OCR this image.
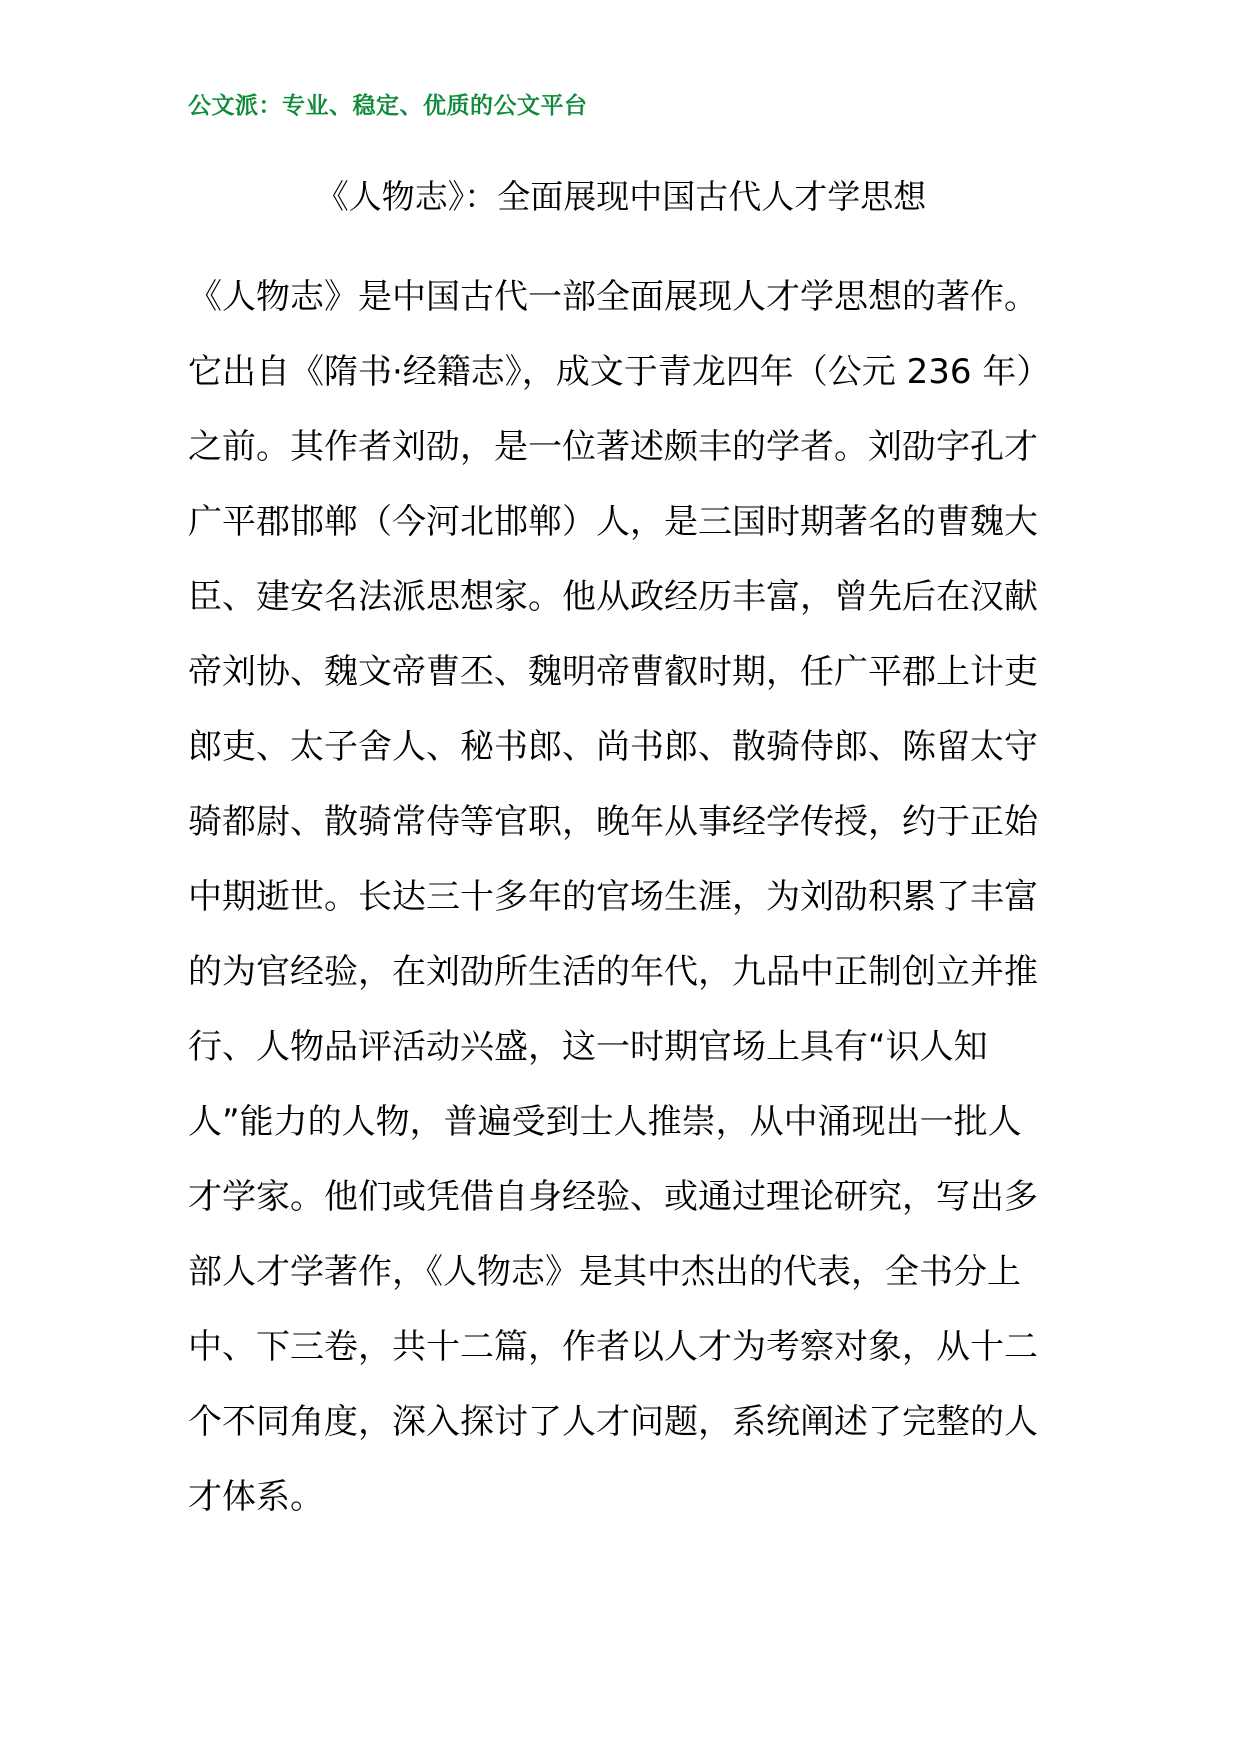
公文派：专业、稳定、优质的公文平台
《人物志》：全面展现中国古代人才学思想
《人物志》是中国古代一部全面展现人才学思想的著作。
它出自《隋书·经籍志》，成文于青龙四年（公元 236 年）
之前。其作者刘劭，是一位著述颇丰的学者。刘劭字孔才
广平郡邯郸（今河北邯郸）人，是三国时期著名的曹魏大
臣、建安名法派思想家。他从政经历丰富，曾先后在汉献
帝刘协、魏文帝曹丕、魏明帝曹叡时期，任广平郡上计吏
郎吏、太子舍人、秘书郎、尚书郎、散骑侍郎、陈留太守
骑都尉、散骑常侍等官职，晚年从事经学传授，约于正始
中期逝世。长达三十多年的官场生涯，为刘劭积累了丰富
的为官经验，在刘劭所生活的年代，九品中正制创立并推
行、人物品评活动兴盛，这一时期官场上具有“识人知
人”能力的人物，普遍受到士人推崇，从中涌现出一批人
才学家。他们或凭借自身经验、或通过理论研究，写出多
部人才学著作，《人物志》是其中杰出的代表，全书分上
中、下三卷，共十二篇，作者以人才为考察对象，从十二
个不同角度，深入探讨了人才问题，系统阐述了完整的人
才体系。
